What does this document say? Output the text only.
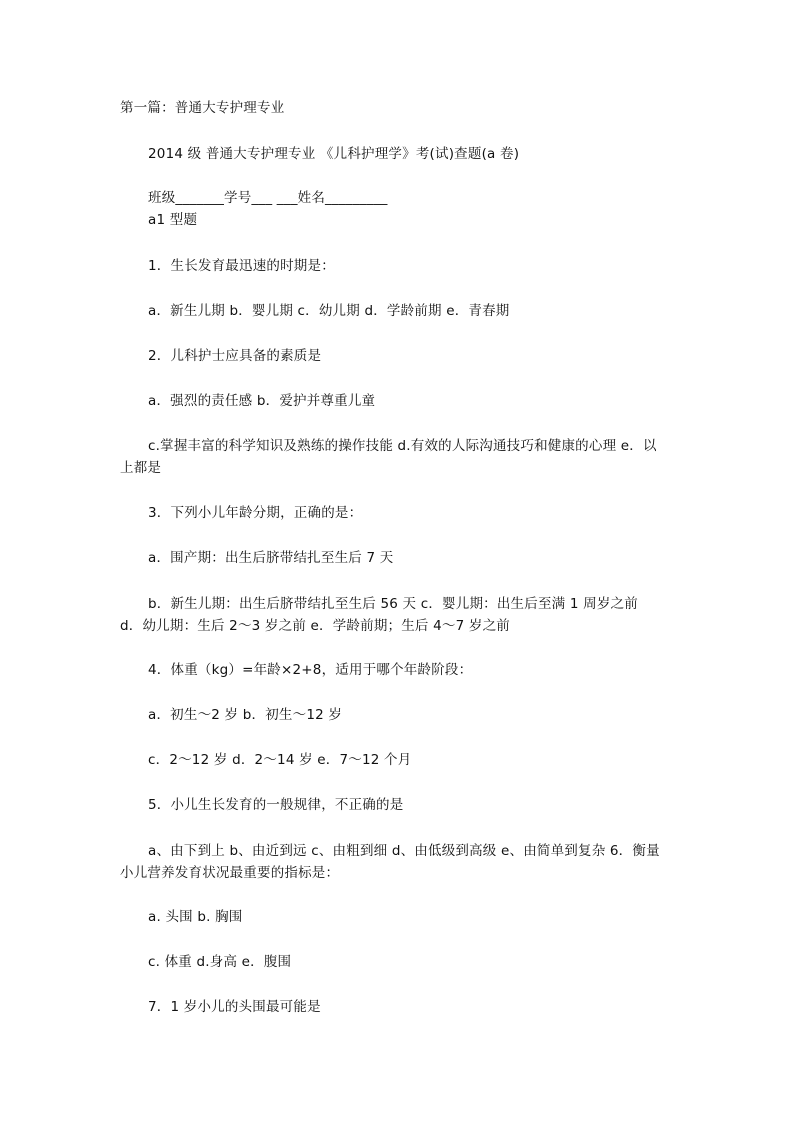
第一篇：普通大专护理专业
2014 级 普通大专护理专业 《儿科护理学》考(试)查题(a 卷)
班级_______学号___ ___姓名_________
a1 型题
1．生长发育最迅速的时期是：
a．新生儿期 b．婴儿期 c．幼儿期 d．学龄前期 e．青春期
2．儿科护士应具备的素质是
a．强烈的责任感 b．爱护并尊重儿童
c.掌握丰富的科学知识及熟练的操作技能 d.有效的人际沟通技巧和健康的心理 e．以上都是
3．下列小儿年龄分期，正确的是：
a．围产期：出生后脐带结扎至生后 7 天
b．新生儿期：出生后脐带结扎至生后 56 天 c．婴儿期：出生后至满 1 周岁之前 d．幼儿期：生后 2～3 岁之前 e．学龄前期；生后 4～7 岁之前
4．体重（kg）=年龄×2+8，适用于哪个年龄阶段：
a．初生～2 岁 b．初生～12 岁
c．2～12 岁 d．2～14 岁 e．7～12 个月
5．小儿生长发育的一般规律，不正确的是
a、由下到上 b、由近到远 c、由粗到细 d、由低级到高级 e、由简单到复杂 6．衡量小儿营养发育状况最重要的指标是：
a. 头围 b. 胸围
c. 体重 d.身高 e．腹围
7．1 岁小儿的头围最可能是
